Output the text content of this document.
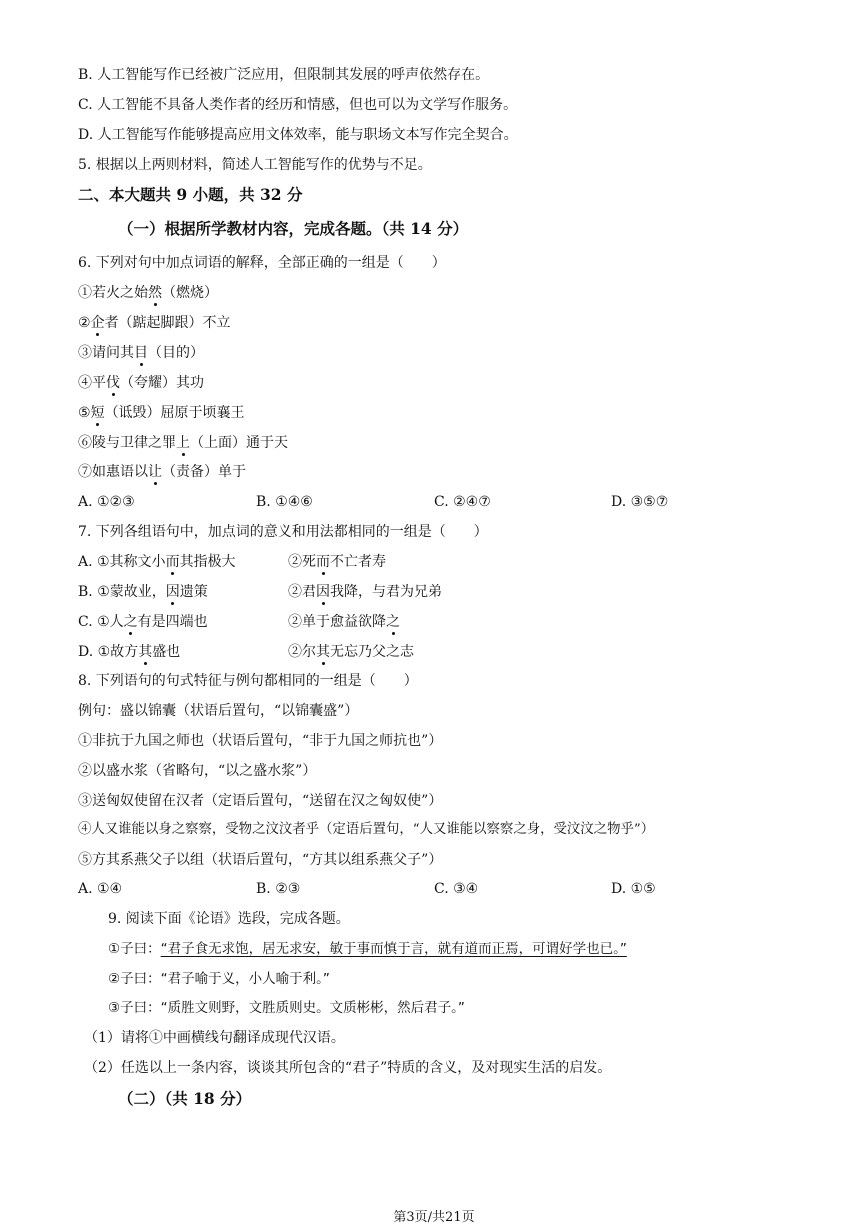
B. 人工智能写作已经被广泛应用，但限制其发展的呼声依然存在。
C. 人工智能不具备人类作者的经历和情感，但也可以为文学写作服务。
D. 人工智能写作能够提高应用文体效率，能与职场文本写作完全契合。
5. 根据以上两则材料，简述人工智能写作的优势与不足。
二、本大题共 9 小题，共 32 分
（一）根据所学教材内容，完成各题。（共 14 分）
6. 下列对句中加点词语的解释，全部正确的一组是（　　）
①若火之始然（燃烧）
②企者（踮起脚跟）不立
③请问其目（目的）
④平伐（夸耀）其功
⑤短（诋毁）屈原于顷襄王
⑥陵与卫律之罪上（上面）通于天
⑦如惠语以让（责备）单于
A. ①②③	B. ①④⑥	C. ②④⑦	D. ③⑤⑦
7. 下列各组语句中，加点词的意义和用法都相同的一组是（　　）
A. ①其称文小而其指极大	②死而不亡者寿
B. ①蒙故业，因遗策	②君因我降，与君为兄弟
C. ①人之有是四端也	②单于愈益欲降之
D. ①故方其盛也	②尔其无忘乃父之志
8. 下列语句的句式特征与例句都相同的一组是（　　）
例句：盛以锦囊（状语后置句，“以锦囊盛”）
①非抗于九国之师也（状语后置句，“非于九国之师抗也”）
②以盛水浆（省略句，“以之盛水浆”）
③送匈奴使留在汉者（定语后置句，“送留在汉之匈奴使”）
④人又谁能以身之察察，受物之汶汶者乎（定语后置句，“人又谁能以察察之身，受汶汶之物乎”）
⑤方其系燕父子以组（状语后置句，“方其以组系燕父子”）
A. ①④	B. ②③	C. ③④	D. ①⑤
9. 阅读下面《论语》选段，完成各题。
①子曰：“君子食无求饱，居无求安，敏于事而慎于言，就有道而正焉，可谓好学也已。”
②子曰：“君子喻于义，小人喻于利。”
③子曰：“质胜文则野，文胜质则史。文质彬彬，然后君子。”
（1）请将①中画横线句翻译成现代汉语。
（2）任选以上一条内容，谈谈其所包含的“君子”特质的含义，及对现实生活的启发。
（二）（共 18 分）
第3页/共21页
